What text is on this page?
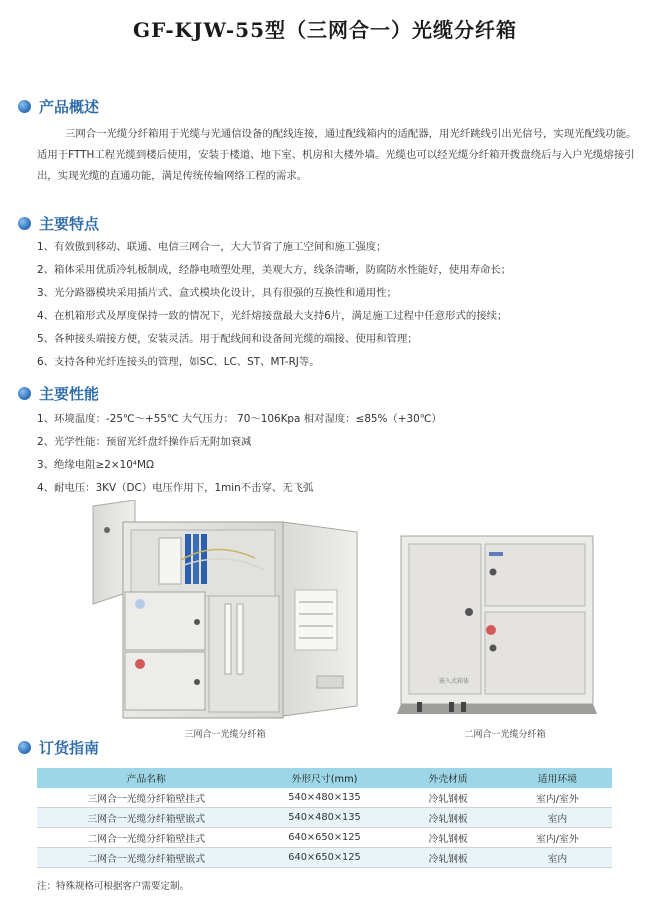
GF-KJW-55型（三网合一）光缆分纤箱
产品概述
三网合一光缆分纤箱用于光缆与光通信设备的配线连接，通过配线箱内的适配器，用光纤跳线引出光信号，实现光配线功能。适用于FTTH工程光缆到楼后使用，安装于楼道、地下室、机房和大楼外墙。光缆也可以经光缆分纤箱开拨盘绕后与入户光缆熔接引出，实现光缆的直通功能，满足传统传输网络工程的需求。
主要特点
1、有效傲到移动、联通、电信三网合一，大大节省了施工空间和施工强度；
2、箱体采用优质冷轧板制成，经静电喷塑处理，美观大方，线条清晰，防腐防水性能好，使用寿命长；
3、光分路器模块采用插片式、盒式模块化设计，具有很强的互换性和通用性；
4、在机箱形式及厚度保持一致的情况下，光纤熔接盘最大支持6片，满足施工过程中任意形式的接续；
5、各种接头端接方便，安装灵活。用于配线间和设备间光缆的端接、使用和管理；
6、支持各种光纤连接头的管理，如SC、LC、ST、MT-RJ等。
主要性能
1、环境温度：-25℃～+55℃ 大气压力： 70～106Kpa 相对湿度：≤85%（+30℃）
2、光学性能：预留光纤盘纤操作后无附加衰减
3、绝缘电阻≥2×10⁴MΩ
4、耐电压：3KV（DC）电压作用下，1min不击穿、无飞弧
嵌入式箱体
三网合一光缆分纤箱	二网合一光缆分纤箱
订货指南
产品名称	外形尺寸(mm)	外壳材质	适用环境
三网合一光缆分纤箱壁挂式	540×480×135	冷轧钢板	室内/室外
三网合一光缆分纤箱壁嵌式	540×480×135	冷轧钢板	室内
二网合一光缆分纤箱壁挂式	640×650×125	冷轧钢板	室内/室外
二网合一光缆分纤箱壁嵌式	640×650×125	冷轧钢板	室内
注：特殊规格可根据客户需要定制。
